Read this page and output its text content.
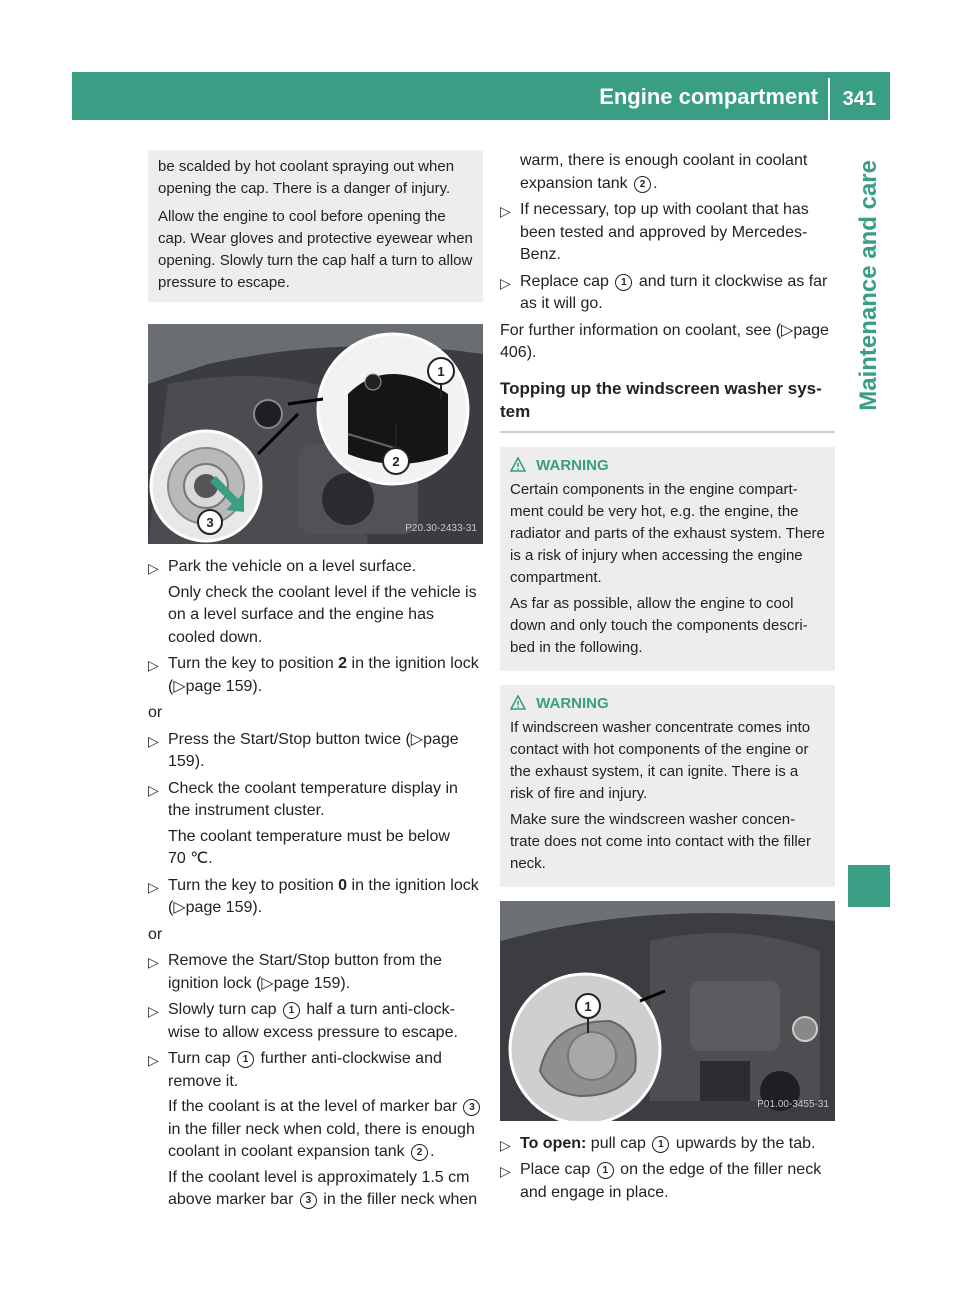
Engine compartment 341
Maintenance and care

be scalded by hot coolant spraying out when opening the cap. There is a danger of injury.

Allow the engine to cool before opening the cap. Wear gloves and protective eyewear when opening. Slowly turn the cap half a turn to allow pressure to escape.

1
2
3	P20.30-2433-31
▷ Park the vehicle on a level surface.

Only check the coolant level if the vehicle is on a level surface and the engine has cooled down.

▷ Turn the key to position 2 in the ignition lock (▷page 159).

or
▷ Press the Start/Stop button twice (▷page 159).

▷ Check the coolant temperature display in the instrument cluster.

The coolant temperature must be below

70 ℃.

▷ Turn the key to position 0 in the ignition lock (▷page 159).

or
▷ Remove the Start/Stop button from the ignition lock (▷page 159).

▷ Slowly turn cap 1 half a turn anti-clock-wise to allow excess pressure to escape.

▷ Turn cap 1 further anti-clockwise and remove it.

If the coolant is at the level of marker bar 3 in the filler neck when cold, there is enough coolant in coolant expansion tank 2 .

If the coolant level is approximately 1.5 cm above marker bar 3 in the filler neck when

warm, there is enough coolant in coolant expansion tank 2 .
▷ If necessary, top up with coolant that has been tested and approved by Mercedes-Benz.

▷ Replace cap 1 and turn it clockwise as far as it will go.

For further information on coolant, see (▷page 406).

Topping up the windscreen washer sys-tem
WARNING

Certain components in the engine compart-ment could be very hot, e.g. the engine, the radiator and parts of the exhaust system. There is a risk of injury when accessing the engine compartment.

As far as possible, allow the engine to cool down and only touch the components descri-bed in the following.

WARNING

If windscreen washer concentrate comes into contact with hot components of the engine or the exhaust system, it can ignite. There is a risk of fire and injury.

Make sure the windscreen washer concen-trate does not come into contact with the filler neck.

1
P01.00-3455-31
▷ To open: pull cap 1 upwards by the tab.

▷ Place cap 1 on the edge of the filler neck and engage in place.
